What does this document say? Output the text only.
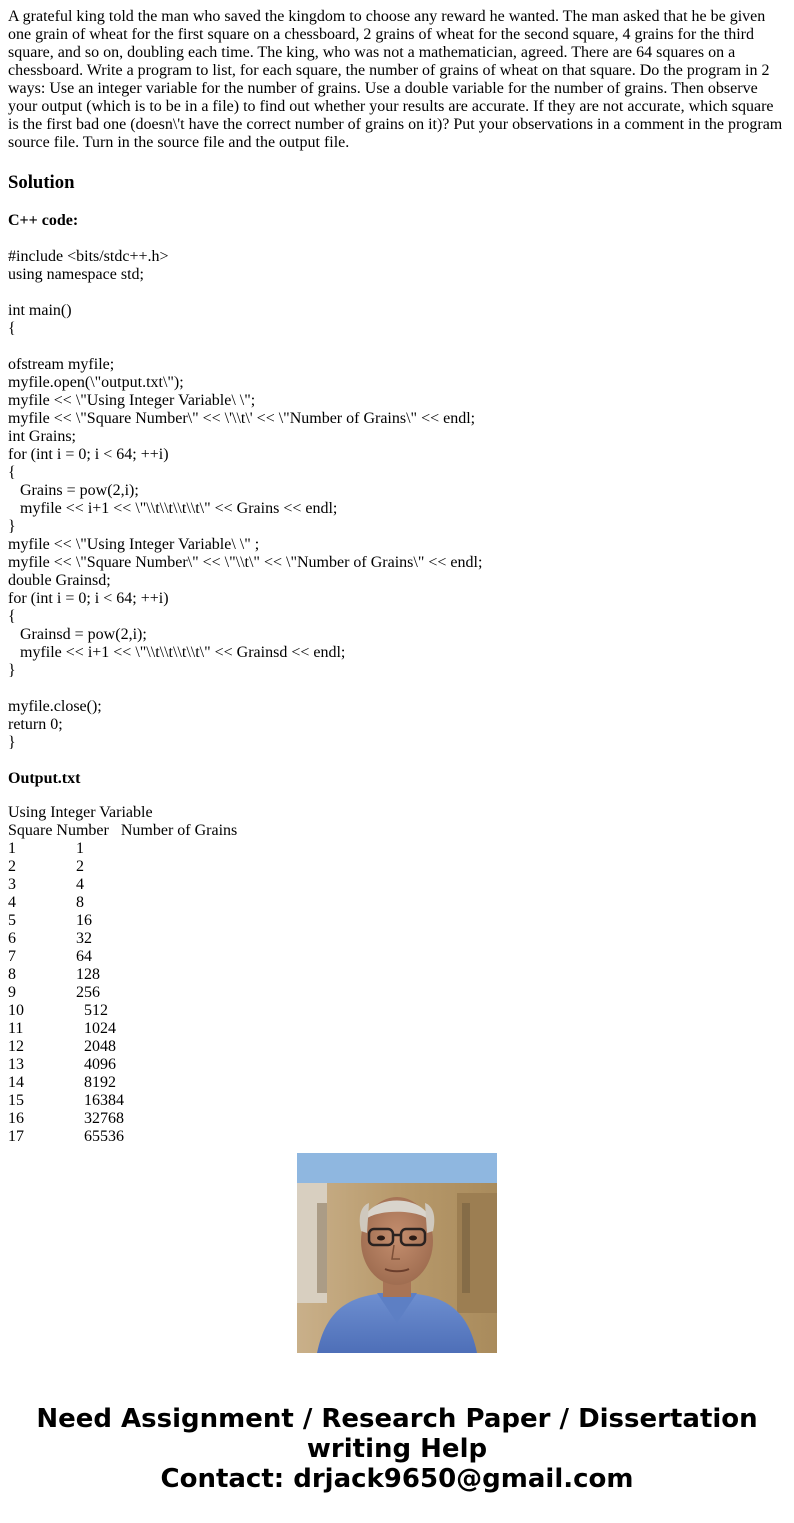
A grateful king told the man who saved the kingdom to choose any reward he wanted. The man asked that he be given one grain of wheat for the first square on a chessboard, 2 grains of wheat for the second square, 4 grains for the third square, and so on, doubling each time. The king, who was not a mathematician, agreed. There are 64 squares on a chessboard. Write a program to list, for each square, the number of grains of wheat on that square. Do the program in 2 ways: Use an integer variable for the number of grains. Use a double variable for the number of grains. Then observe your output (which is to be in a file) to find out whether your results are accurate. If they are not accurate, which square is the first bad one (doesn\'t have the correct number of grains on it)? Put your observations in a comment in the program source file. Turn in the source file and the output file.

Solution
C++ code:
#include <bits/stdc++.h>
using namespace std;
int main()
{
ofstream myfile;
myfile.open(\"output.txt\");
myfile << \"Using Integer Variable\ \";
myfile << \"Square Number\" << \'\\t\' << \"Number of Grains\" << endl;
int Grains;
for (int i = 0; i < 64; ++i)
{
Grains = pow(2,i);
myfile << i+1 << \"\\t\\t\\t\\t\" << Grains << endl;
}
myfile << \"Using Integer Variable\ \" ;
myfile << \"Square Number\" << \"\\t\" << \"Number of Grains\" << endl;
double Grainsd;
for (int i = 0; i < 64; ++i)
{
Grainsd = pow(2,i);
myfile << i+1 << \"\\t\\t\\t\\t\" << Grainsd << endl;
}
myfile.close();
return 0;
}
Output.txt
Using Integer Variable
Square Number   Number of Grains
1	1
2	2
3	4
4	8
5	16
6	32
7	64
8	128
9	256
10	512
11	1024
12	2048
13	4096
14	8192
15	16384
16	32768
17	65536
Need Assignment / Research Paper / Dissertation
writing Help
Contact: drjack9650@gmail.com
